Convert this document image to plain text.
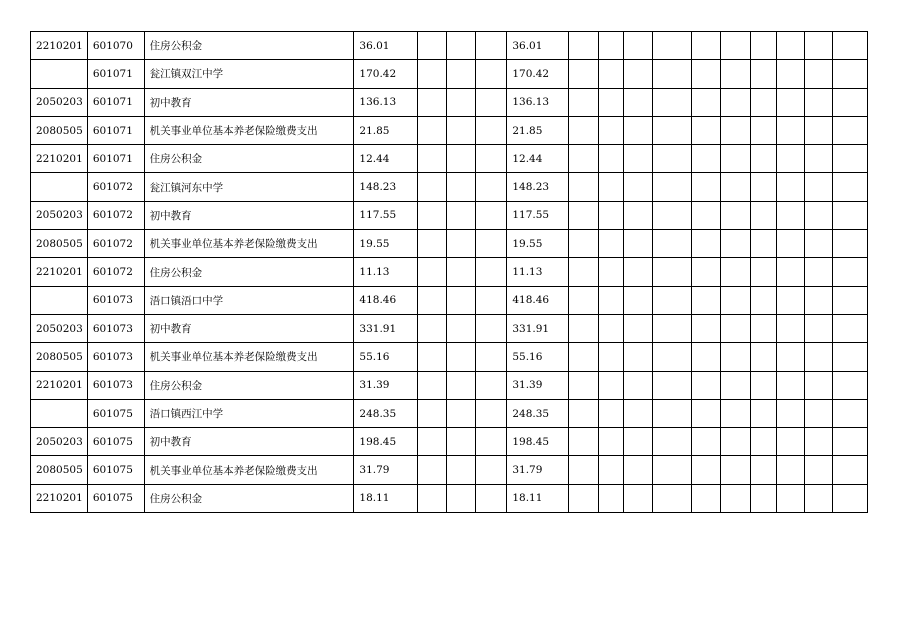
2210201	601070	住房公积金	36.01				36.01										
	601071	瓮江镇双江中学	170.42				170.42										
2050203	601071	初中教育	136.13				136.13										
2080505	601071	机关事业单位基本养老保险缴费支出	21.85				21.85										
2210201	601071	住房公积金	12.44				12.44										
	601072	瓮江镇河东中学	148.23				148.23										
2050203	601072	初中教育	117.55				117.55										
2080505	601072	机关事业单位基本养老保险缴费支出	19.55				19.55										
2210201	601072	住房公积金	11.13				11.13										
	601073	浯口镇浯口中学	418.46				418.46										
2050203	601073	初中教育	331.91				331.91										
2080505	601073	机关事业单位基本养老保险缴费支出	55.16				55.16										
2210201	601073	住房公积金	31.39				31.39										
	601075	浯口镇西江中学	248.35				248.35										
2050203	601075	初中教育	198.45				198.45										
2080505	601075	机关事业单位基本养老保险缴费支出	31.79				31.79										
2210201	601075	住房公积金	18.11				18.11										
